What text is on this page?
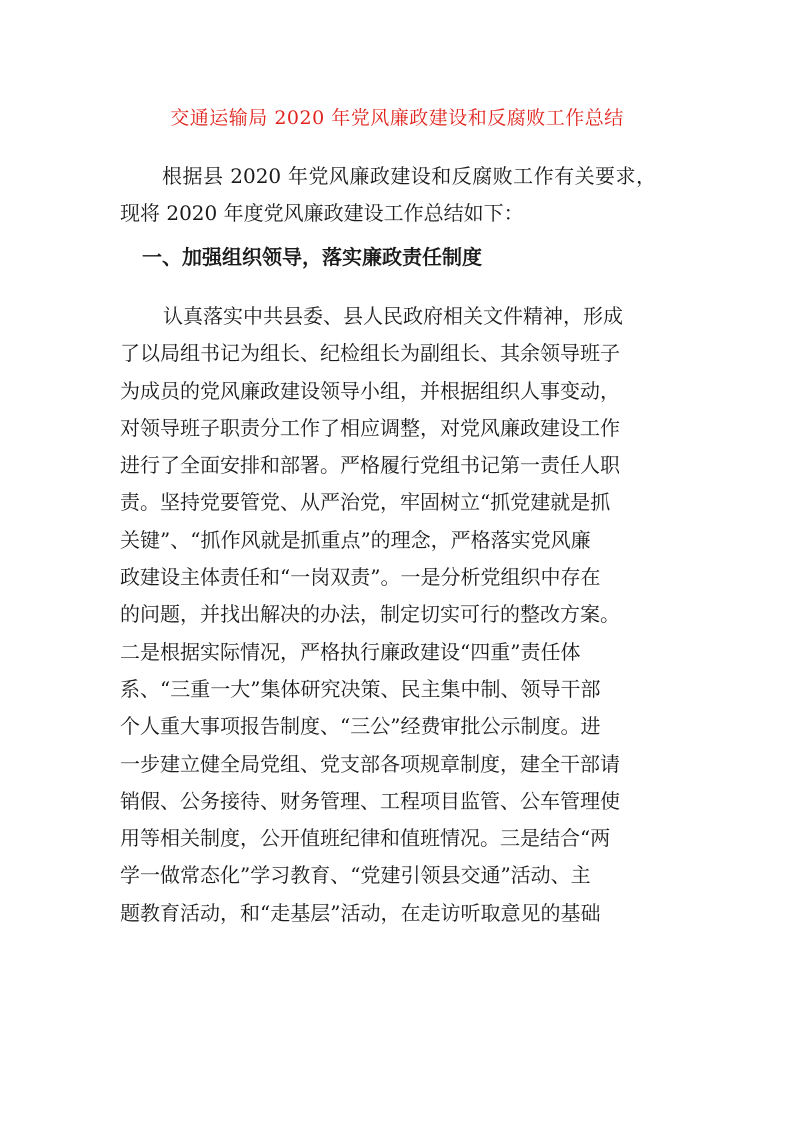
交通运输局 2020 年党风廉政建设和反腐败工作总结
根据县 2020 年党风廉政建设和反腐败工作有关要求，现将 2020 年度党风廉政建设工作总结如下：
一、加强组织领导，落实廉政责任制度
认真落实中共县委、县人民政府相关文件精神，形成
了以局组书记为组长、纪检组长为副组长、其余领导班子
为成员的党风廉政建设领导小组，并根据组织人事变动，
对领导班子职责分工作了相应调整，对党风廉政建设工作
进行了全面安排和部署。严格履行党组书记第一责任人职
责。坚持党要管党、从严治党，牢固树立“抓党建就是抓
关键”、“抓作风就是抓重点”的理念，严格落实党风廉
政建设主体责任和“一岗双责”。一是分析党组织中存在
的问题，并找出解决的办法，制定切实可行的整改方案。
二是根据实际情况，严格执行廉政建设“四重”责任体
系、“三重一大”集体研究决策、民主集中制、领导干部
个人重大事项报告制度、“三公”经费审批公示制度。进
一步建立健全局党组、党支部各项规章制度，建全干部请
销假、公务接待、财务管理、工程项目监管、公车管理使
用等相关制度，公开值班纪律和值班情况。三是结合“两
学一做常态化”学习教育、“党建引领县交通”活动、主
题教育活动，和“走基层”活动，在走访听取意见的基础
